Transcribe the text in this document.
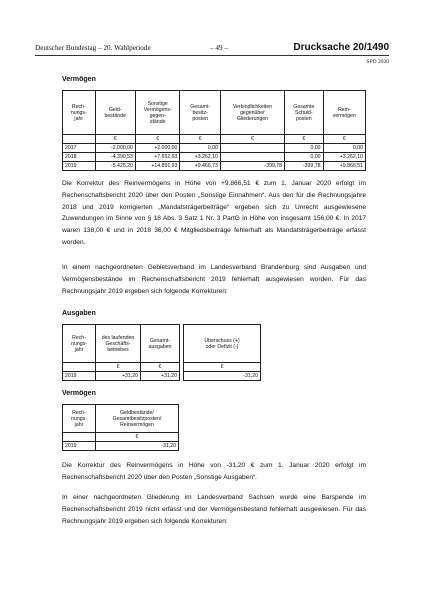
Deutscher Bundestag – 20. Wahlperiode	– 49 –	Drucksache 20/1490
SPD 2020
Vermögen
Rech-
nungs-
jahr	Geld-
bestände	Sonstige
Vermögens-
gegen-
stände	Gesamt-
besitz-
posten	Verbindlichkeiten
gegenüber
Gliederungen	Gesamte
Schuld-
posten	Rein-
vermögen
	€	€	€	€	€	€
2017	-2.000,00	+2.000,00	0,00		0,00	0,00
2018	-4.390,53	+7.652,63	+3.262,10		0,00	+3.262,10
2019	-5.425,20	+14.891,93	+9.466,73	-399,78	-399,78	+9.866,51
Die Korrektur des Reinvermögens in Höhe von +9.866,51 € zum 1. Januar 2020 erfolgt im Rechenschaftsbericht 2020 über den Posten „Sonstige Einnahmen“. Aus den für die Rechnungsjahre 2018 und 2019 korrigierten „Mandatsträgerbeiträge“ ergeben sich zu Unrecht ausgewiesene Zuwendungen im Sinne von § 18 Abs. 3 Satz 1 Nr. 3 PartG in Höhe von insgesamt 156,00 €. In 2017 waren 138,00 € und in 2018 36,00 € Mitgliedsbeiträge fehlerhaft als Mandatsträgerbeiträge erfasst worden.
In einem nachgeordneten Gebietsverband im Landesverband Brandenburg sind Ausgaben und Vermögensbestände im Rechenschaftsbericht 2019 fehlerhaft ausgewiesen worden. Für das Rechnungsjahr 2019 ergeben sich folgende Korrekturen:
Ausgaben
Rech-
nungs-
jahr	des laufenden
Geschäfts-
betriebes	Gesamt-
ausgaben		Überschuss (+)
oder Defizit (-)
	€	€		€
2019	+31,20	+31,20		-31,20
Vermögen
Rech-
nungs-
jahr	Geldbestände/
Gesamtbesitzposten/
Reinvermögen
	€
2019	-31,20
Die Korrektur des Reinvermögens in Höhe von -31,20 € zum 1. Januar 2020 erfolgt im Rechenschaftsbericht 2020 über den Posten „Sonstige Ausgaben“.
In einer nachgeordneten Gliederung im Landesverband Sachsen wurde eine Barspende im Rechenschaftsbericht 2019 nicht erfasst und der Vermögensbestand fehlerhaft ausgewiesen. Für das Rechnungsjahr 2019 ergeben sich folgende Korrekturen:
